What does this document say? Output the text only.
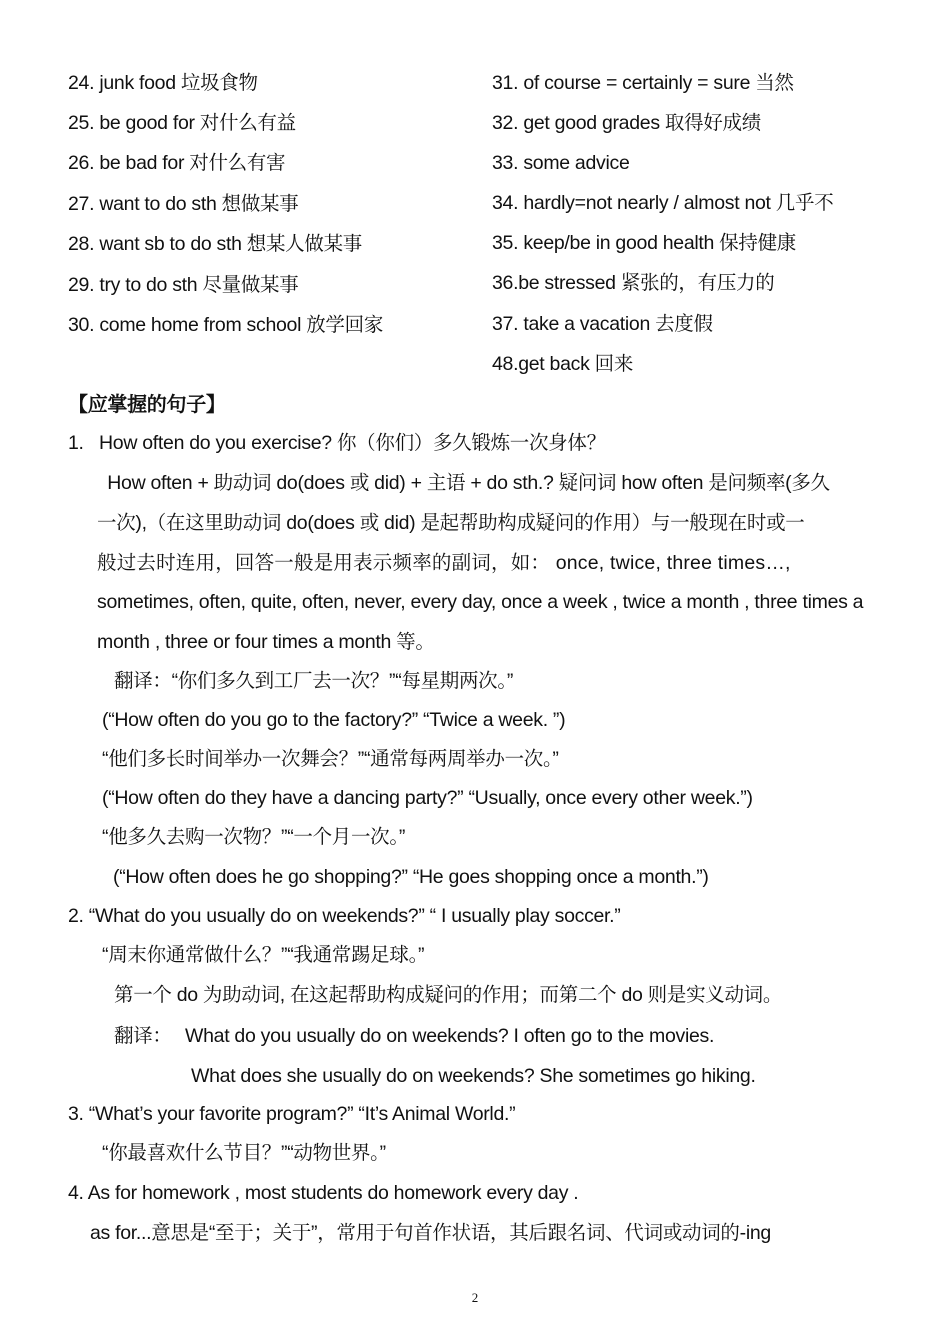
24. junk food 垃圾食物
25. be good for 对什么有益
26. be bad for 对什么有害
27. want to do sth 想做某事
28. want sb to do sth 想某人做某事
29. try to do sth 尽量做某事
30. come home from school 放学回家
31. of course = certainly = sure 当然
32. get good grades 取得好成绩
33. some advice
34. hardly=not nearly / almost not 几乎不
35. keep/be in good health 保持健康
36.be stressed 紧张的，有压力的
37. take a vacation 去度假
48.get back 回来
【应掌握的句子】
1.   How often do you exercise? 你（你们）多久锻炼一次身体？
How often + 助动词 do(does 或 did) + 主语 + do sth.? 疑问词 how often 是问频率(多久
一次),（在这里助动词 do(does 或 did) 是起帮助构成疑问的作用）与一般现在时或一
般过去时连用，回答一般是用表示频率的副词，如： once, twice, three times…,
sometimes, often, quite, often, never, every day, once a week , twice a month , three times a
month , three or four times a month 等。
翻译：“你们多久到工厂去一次？”“每星期两次。”
(“How often do you go to the factory?” “Twice a week. ”)
“他们多长时间举办一次舞会？”“通常每两周举办一次。”
(“How often do they have a dancing party?” “Usually, once every other week.”)
“他多久去购一次物？”“一个月一次。”
(“How often does he go shopping?” “He goes shopping once a month.”)
2. “What do you usually do on weekends?” “ I usually play soccer.”
“周末你通常做什么？”“我通常踢足球。”
第一个 do 为助动词, 在这起帮助构成疑问的作用；而第二个 do 则是实义动词。
翻译： What do you usually do on weekends? I often go to the movies.
What does she usually do on weekends? She sometimes go hiking.
3. “What’s your favorite program?” “It’s Animal World.”
“你最喜欢什么节目？”“动物世界。”
4. As for homework , most students do homework every day .
as for...意思是“至于；关于”，常用于句首作状语，其后跟名词、代词或动词的-ing
2
